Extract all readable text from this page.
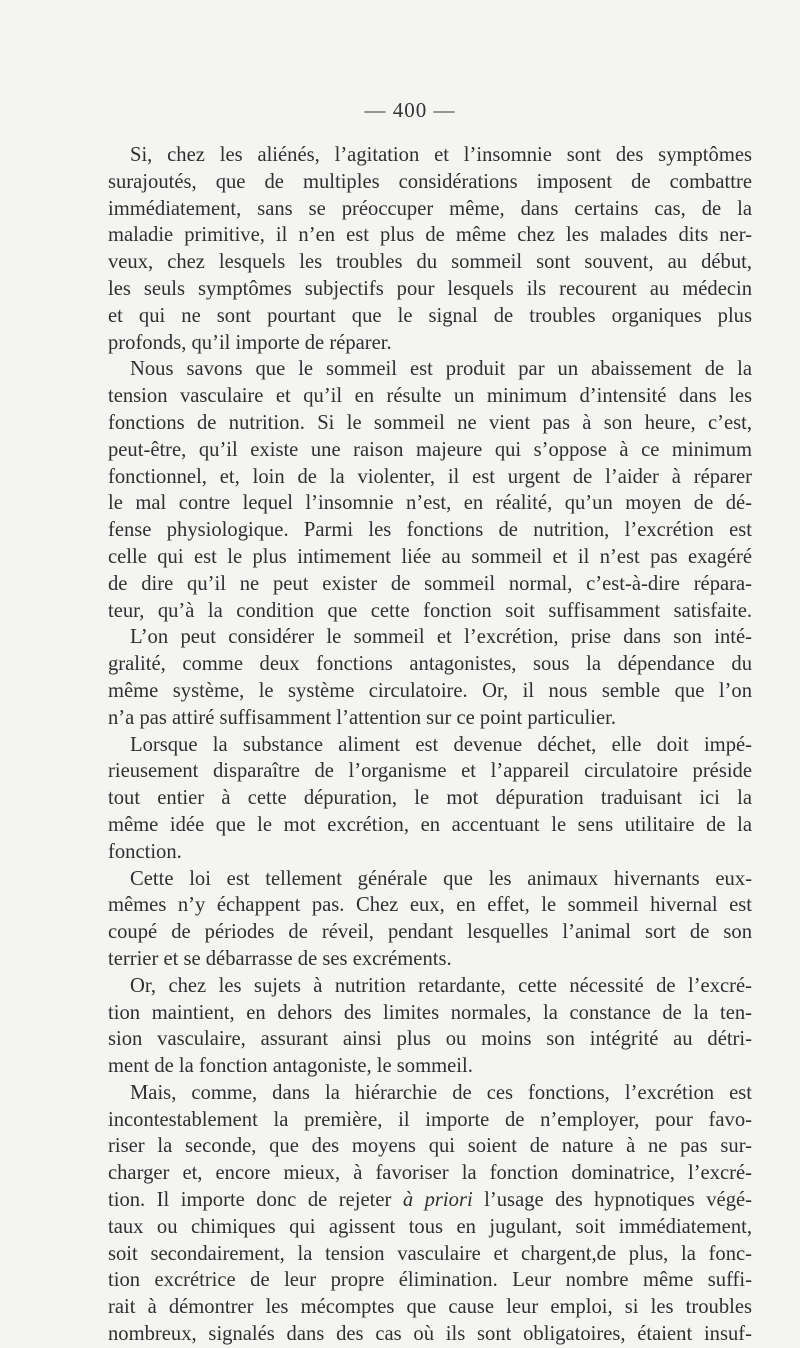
— 400 —
Si, chez les aliénés, l’agitation et l’insomnie sont des symptômes
surajoutés, que de multiples considérations imposent de combattre
immédiatement, sans se préoccuper même, dans certains cas, de la
maladie primitive, il n’en est plus de même chez les malades dits ner-
veux, chez lesquels les troubles du sommeil sont souvent, au début,
les seuls symptômes subjectifs pour lesquels ils recourent au médecin
et qui ne sont pourtant que le signal de troubles organiques plus
profonds, qu’il importe de réparer.
Nous savons que le sommeil est produit par un abaissement de la
tension vasculaire et qu’il en résulte un minimum d’intensité dans les
fonctions de nutrition. Si le sommeil ne vient pas à son heure, c’est,
peut-être, qu’il existe une raison majeure qui s’oppose à ce minimum
fonctionnel, et, loin de la violenter, il est urgent de l’aider à réparer
le mal contre lequel l’insomnie n’est, en réalité, qu’un moyen de dé-
fense physiologique. Parmi les fonctions de nutrition, l’excrétion est
celle qui est le plus intimement liée au sommeil et il n’est pas exagéré
de dire qu’il ne peut exister de sommeil normal, c’est-à-dire répara-
teur, qu’à la condition que cette fonction soit suffisamment satisfaite.
L’on peut considérer le sommeil et l’excrétion, prise dans son inté-
gralité, comme deux fonctions antagonistes, sous la dépendance du
même système, le système circulatoire. Or, il nous semble que l’on
n’a pas attiré suffisamment l’attention sur ce point particulier.
Lorsque la substance aliment est devenue déchet, elle doit impé-
rieusement disparaître de l’organisme et l’appareil circulatoire préside
tout entier à cette dépuration, le mot dépuration traduisant ici la
même idée que le mot excrétion, en accentuant le sens utilitaire de la
fonction.
Cette loi est tellement générale que les animaux hivernants eux-
mêmes n’y échappent pas. Chez eux, en effet, le sommeil hivernal est
coupé de périodes de réveil, pendant lesquelles l’animal sort de son
terrier et se débarrasse de ses excréments.
Or, chez les sujets à nutrition retardante, cette nécessité de l’excré-
tion maintient, en dehors des limites normales, la constance de la ten-
sion vasculaire, assurant ainsi plus ou moins son intégrité au détri-
ment de la fonction antagoniste, le sommeil.
Mais, comme, dans la hiérarchie de ces fonctions, l’excrétion est
incontestablement la première, il importe de n’employer, pour favo-
riser la seconde, que des moyens qui soient de nature à ne pas sur-
charger et, encore mieux, à favoriser la fonction dominatrice, l’excré-
tion. Il importe donc de rejeter à priori l’usage des hypnotiques végé-
taux ou chimiques qui agissent tous en jugulant, soit immédiatement,
soit secondairement, la tension vasculaire et chargent,de plus, la fonc-
tion excrétrice de leur propre élimination. Leur nombre même suffi-
rait à démontrer les mécomptes que cause leur emploi, si les troubles
nombreux, signalés dans des cas où ils sont obligatoires, étaient insuf-
